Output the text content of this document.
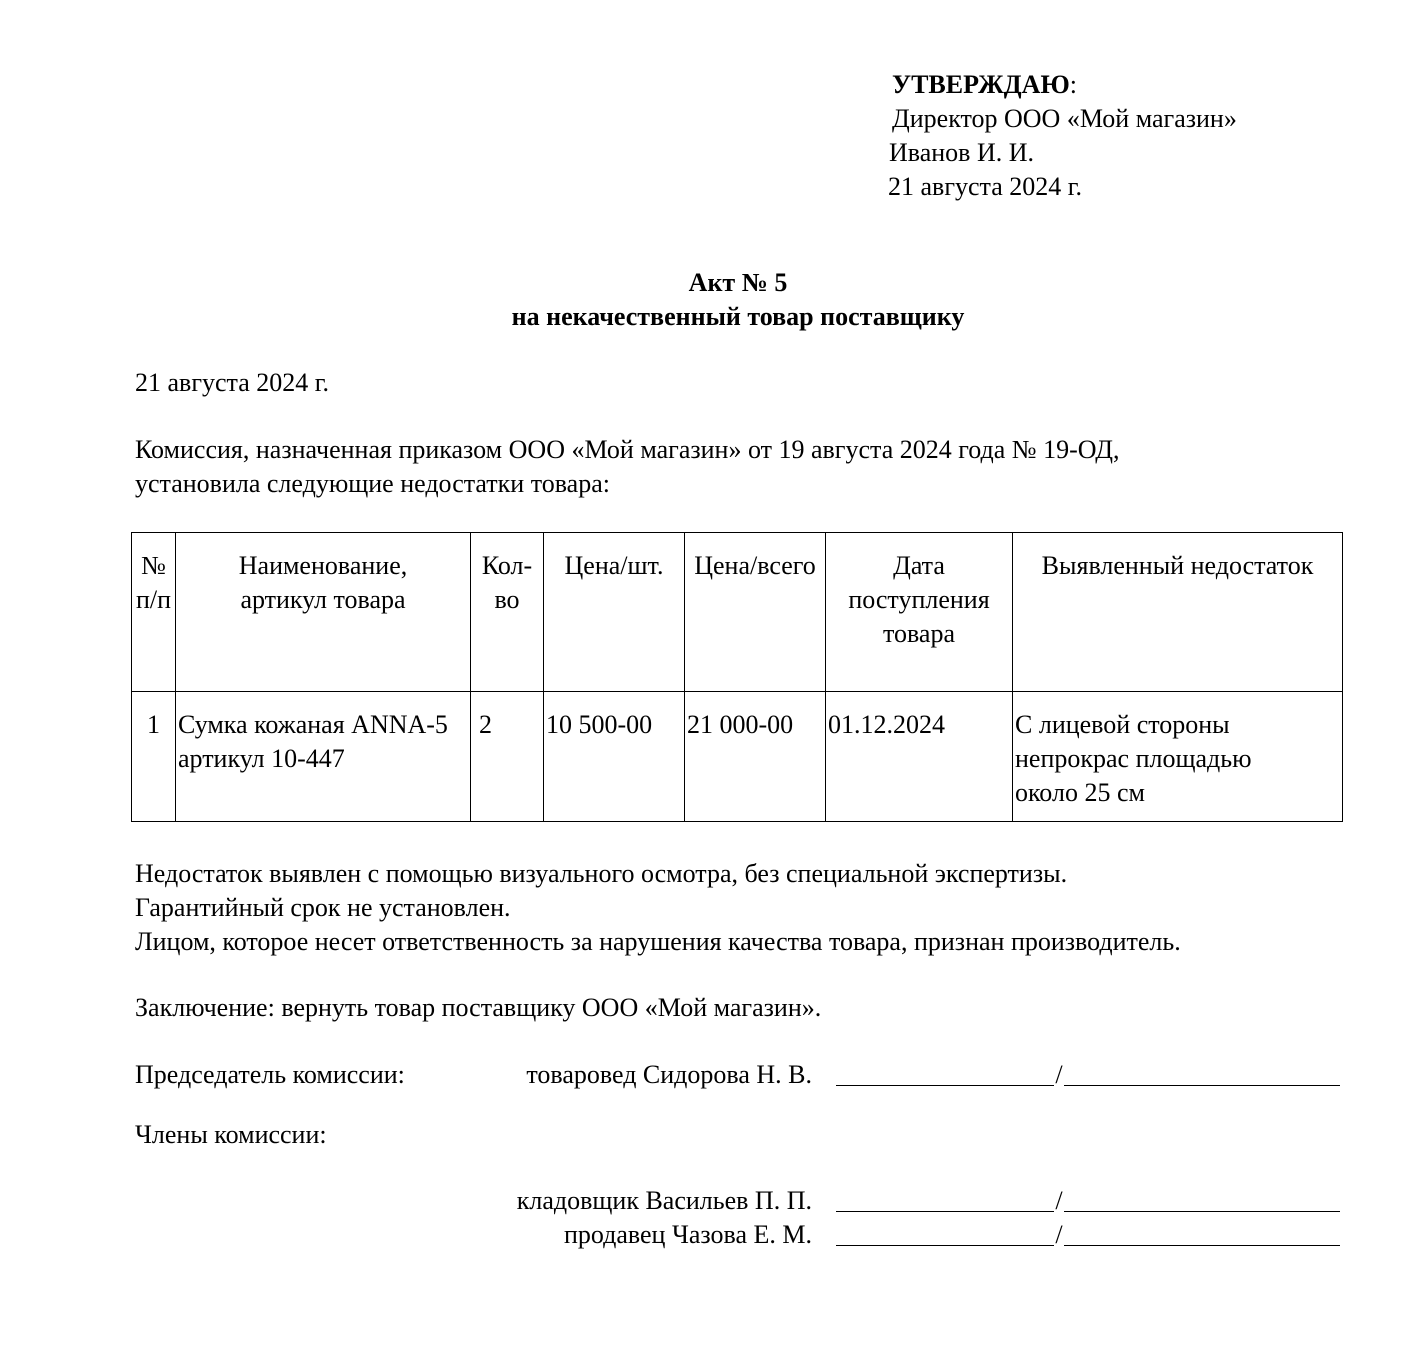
УТВЕРЖДАЮ:
Директор ООО «Мой магазин»
Иванов И. И.
21 августа 2024 г.
Акт № 5
на некачественный товар поставщику
21 августа 2024 г.
Комиссия, назначенная приказом ООО «Мой магазин» от 19 августа 2024 года № 19-ОД,
установила следующие недостатки товара:
№ п/п	Наименование, артикул товара	Кол-во	Цена/шт.	Цена/всего	Дата поступления товара	Выявленный недостаток
1	Сумка кожаная ANNA-5 артикул 10-447	2	10 500-00	21 000-00	01.12.2024	С лицевой стороны непрокрас площадью около 25 см
Недостаток выявлен с помощью визуального осмотра, без специальной экспертизы.
Гарантийный срок не установлен.
Лицом, которое несет ответственность за нарушения качества товара, признан производитель.
Заключение: вернуть товар поставщику ООО «Мой магазин».
Председатель комиссии:	товаровед Сидорова Н. В.	/
Члены комиссии:
кладовщик Васильев П. П.	/
продавец Чазова Е. М.	/
